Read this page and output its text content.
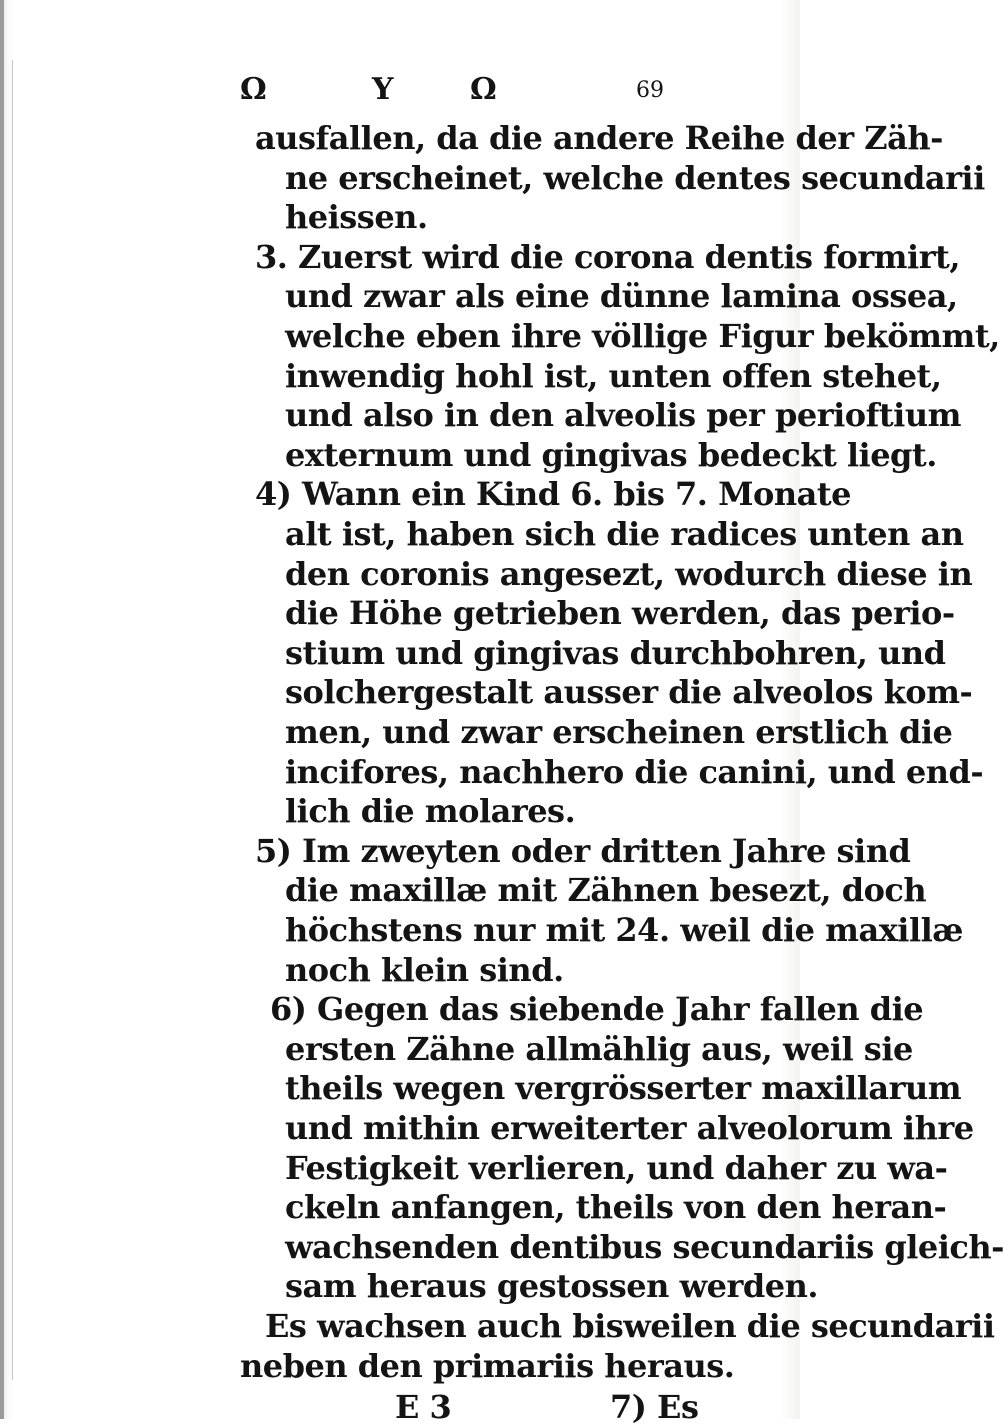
Ω	Y	Ω	69
ausfallen, da die andere Reihe der Zäh-
ne erscheinet, welche dentes secundarii
heissen.
3. Zuerst wird die corona dentis formirt,
und zwar als eine dünne lamina ossea,
welche eben ihre völlige Figur bekömmt,
inwendig hohl ist, unten offen stehet,
und also in den alveolis per perioftium
externum und gingivas bedeckt liegt.
4) Wann ein Kind 6. bis 7. Monate
alt ist, haben sich die radices unten an
den coronis angesezt, wodurch diese in
die Höhe getrieben werden, das perio-
stium und gingivas durchbohren, und
solchergestalt ausser die alveolos kom-
men, und zwar erscheinen erstlich die
incifores, nachhero die canini, und end-
lich die molares.
5) Im zweyten oder dritten Jahre sind
die maxillæ mit Zähnen besezt, doch
höchstens nur mit 24. weil die maxillæ
noch klein sind.
6) Gegen das siebende Jahr fallen die
ersten Zähne allmählig aus, weil sie
theils wegen vergrösserter maxillarum
und mithin erweiterter alveolorum ihre
Festigkeit verlieren, und daher zu wa-
ckeln anfangen, theils von den heran-
wachsenden dentibus secundariis gleich-
sam heraus gestossen werden.
Es wachsen auch bisweilen die secundarii
neben den primariis heraus.
E 3	7) Es
